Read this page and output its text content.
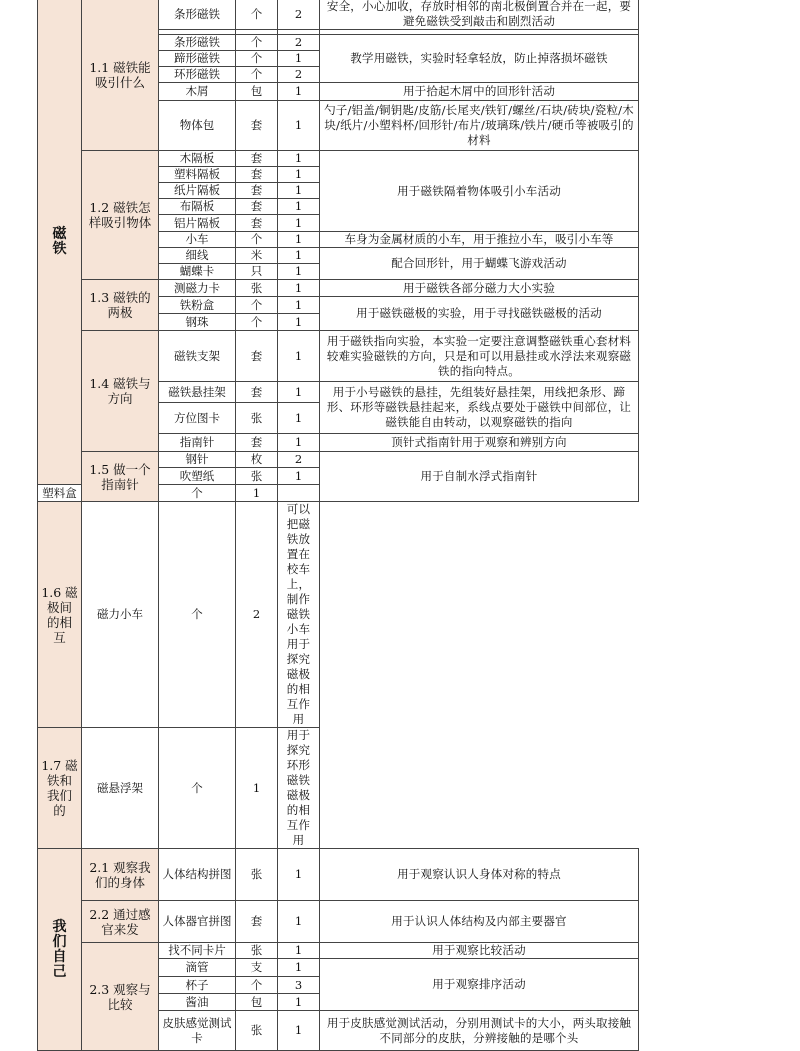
磁铁	1.1 磁铁能吸引什么	条形磁铁	个	2	安全，小心加收，存放时相邻的南北极倒置合并在一起，要避免磁铁受到敲击和剧烈活动

		条形磁铁	个	2	教学用磁铁，实验时轻拿轻放，防止掉落损坏磁铁
		蹄形磁铁	个	1	
		环形磁铁	个	2	
		木屑	包	1	用于拾起木屑中的回形针活动
		物体包	套	1	勺子/铝盖/铜钥匙/皮筋/长尾夹/铁钉/螺丝/石块/砖块/瓷粒/木块/纸片/小塑料杯/回形针/布片/玻璃珠/铁片/硬币等被吸引的材料
	1.2 磁铁怎样吸引物体	木隔板	套	1	用于磁铁隔着物体吸引小车活动
		塑料隔板	套	1	
		纸片隔板	套	1	
		布隔板	套	1	
		铝片隔板	套	1	
		小车	个	1	车身为金属材质的小车，用于推拉小车，吸引小车等
		细线	米	1	配合回形针，用于蝴蝶飞游戏活动
		蝴蝶卡	只	1	
	1.3 磁铁的两极	测磁力卡	张	1	用于磁铁各部分磁力大小实验
		铁粉盒	个	1	用于磁铁磁极的实验，用于寻找磁铁磁极的活动
		钢珠	个	1	
	1.4 磁铁与方向	磁铁支架	套	1	用于磁铁指向实验，本实验一定要注意调整磁铁重心套材料较难实验磁铁的方向，只是和可以用悬挂或水浮法来观察磁铁的指向特点。
		磁铁悬挂架	套	1	用于小号磁铁的悬挂，先组装好悬挂架，用线把条形、蹄形、环形等磁铁悬挂起来，系线点要处于磁铁中间部位，让磁铁能自由转动，以观察磁铁的指向
		方位图卡	张	1	
		指南针	套	1	顶针式指南针用于观察和辨别方向
	1.5 做一个指南针	钢针	枚	2	用于自制水浮式指南针
		吹塑纸	张	1	
塑料盒		个	1		
1.6 磁极间的相互	磁力小车	个	2	可以把磁铁放置在校车上，制作磁铁小车用于探究磁极的相互作用	
1.7 磁铁和我们的	磁悬浮架	个	1	用于探究环形磁铁磁极的相互作用	
我们自己	2.1 观察我们的身体	人体结构拼图	张	1	用于观察认识人身体对称的特点
	2.2 通过感官来发	人体器官拼图	套	1	用于认识人体结构及内部主要器官
	2.3 观察与比较	找不同卡片	张	1	用于观察比较活动
		滴管	支	1	用于观察排序活动
		杯子	个	3	
		酱油	包	1	
		皮肤感觉测试卡	张	1	用于皮肤感觉测试活动，分别用测试卡的大小，两头取接触不同部分的皮肤，分辨接触的是哪个头
